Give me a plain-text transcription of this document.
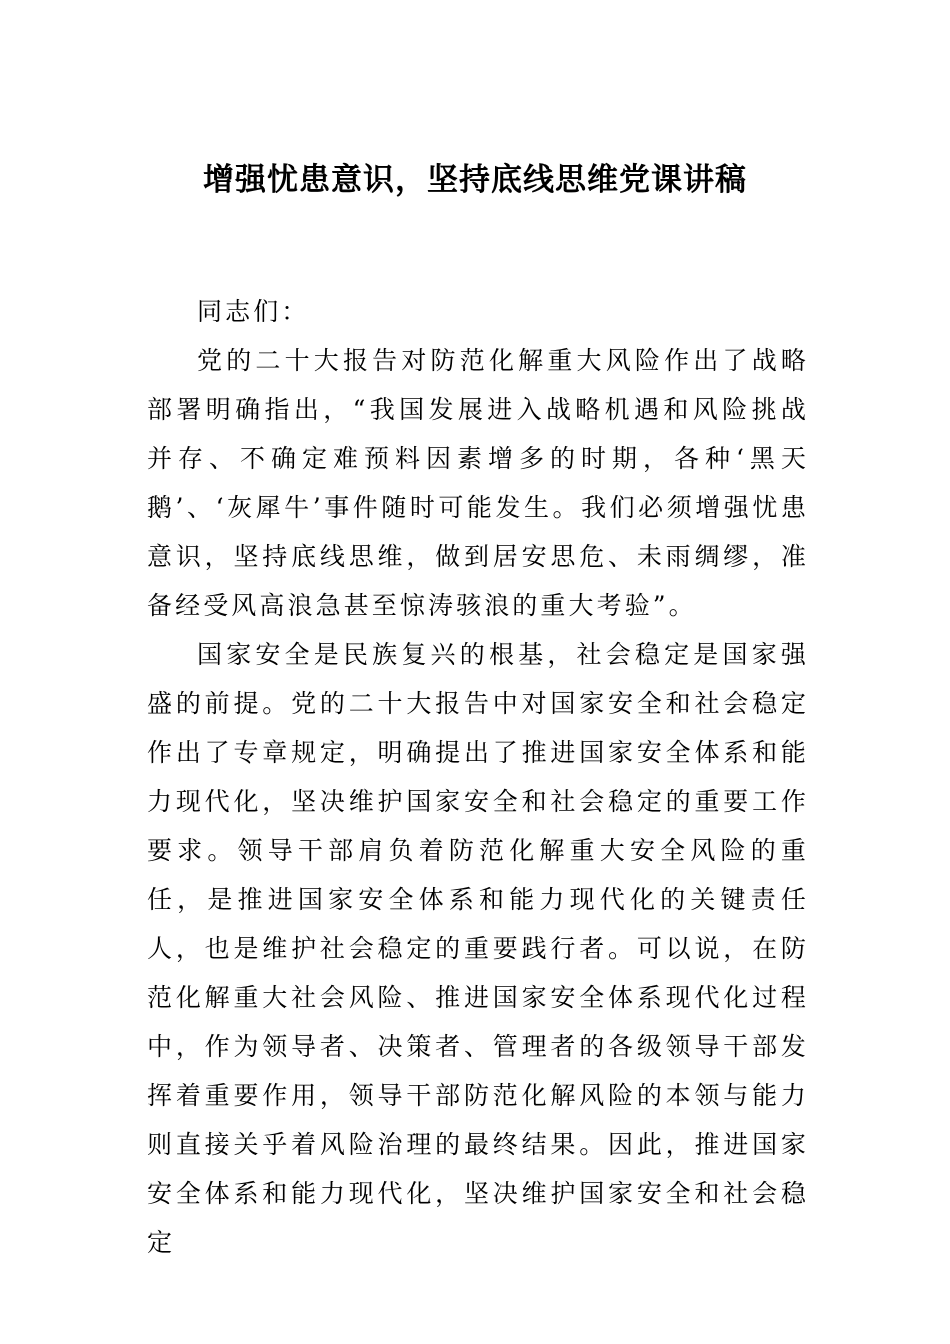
增强忧患意识，坚持底线思维党课讲稿

同志们：

党的二十大报告对防范化解重大风险作出了战略部署明确指出，“我国发展进入战略机遇和风险挑战并存、不确定难预料因素增多的时期，各种‘黑天鹅’、‘灰犀牛’事件随时可能发生。我们必须增强忧患意识，坚持底线思维，做到居安思危、未雨绸缪，准备经受风高浪急甚至惊涛骇浪的重大考验”。

国家安全是民族复兴的根基，社会稳定是国家强盛的前提。党的二十大报告中对国家安全和社会稳定作出了专章规定，明确提出了推进国家安全体系和能力现代化，坚决维护国家安全和社会稳定的重要工作要求。领导干部肩负着防范化解重大安全风险的重任，是推进国家安全体系和能力现代化的关键责任人，也是维护社会稳定的重要践行者。可以说，在防范化解重大社会风险、推进国家安全体系现代化过程中，作为领导者、决策者、管理者的各级领导干部发挥着重要作用，领导干部防范化解风险的本领与能力则直接关乎着风险治理的最终结果。因此，推进国家安全体系和能力现代化，坚决维护国家安全和社会稳定
